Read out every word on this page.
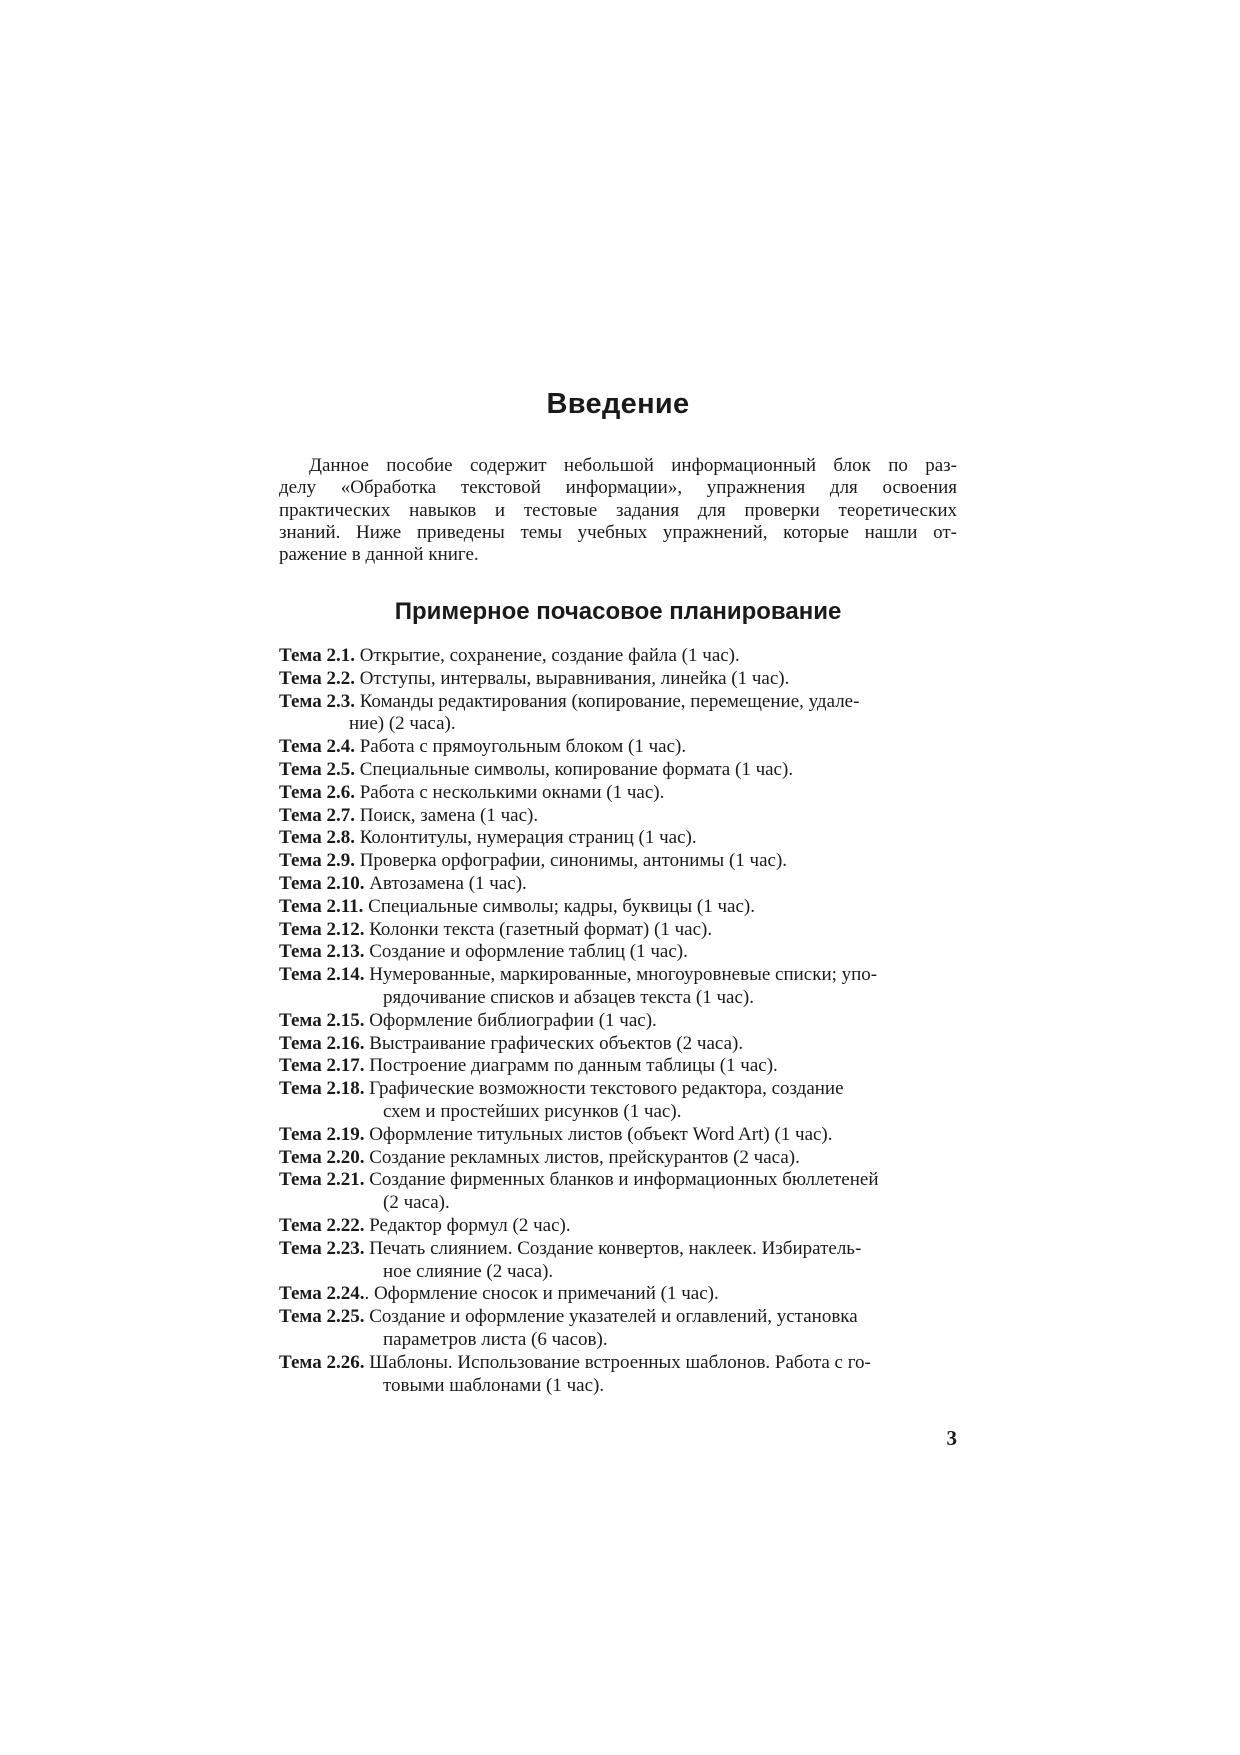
Введение
Данное пособие содержит небольшой информационный блок по раз-
делу «Обработка текстовой информации», упражнения для освоения
практических навыков и тестовые задания для проверки теоретических
знаний. Ниже приведены темы учебных упражнений, которые нашли от-
ражение в данной книге.
Примерное почасовое планирование
Тема 2.1. Открытие, сохранение, создание файла (1 час).
Тема 2.2. Отступы, интервалы, выравнивания, линейка (1 час).
Тема 2.3. Команды редактирования (копирование, перемещение, удале-
ние) (2 часа).
Тема 2.4. Работа с прямоугольным блоком (1 час).
Тема 2.5. Специальные символы, копирование формата (1 час).
Тема 2.6. Работа с несколькими окнами (1 час).
Тема 2.7. Поиск, замена (1 час).
Тема 2.8. Колонтитулы, нумерация страниц (1 час).
Тема 2.9. Проверка орфографии, синонимы, антонимы (1 час).
Тема 2.10. Автозамена (1 час).
Тема 2.11. Специальные символы; кадры, буквицы (1 час).
Тема 2.12. Колонки текста (газетный формат) (1 час).
Тема 2.13. Создание и оформление таблиц (1 час).
Тема 2.14. Нумерованные, маркированные, многоуровневые списки; упо-
рядочивание списков и абзацев текста (1 час).
Тема 2.15. Оформление библиографии (1 час).
Тема 2.16. Выстраивание графических объектов (2 часа).
Тема 2.17. Построение диаграмм по данным таблицы (1 час).
Тема 2.18. Графические возможности текстового редактора, создание
схем и простейших рисунков (1 час).
Тема 2.19. Оформление титульных листов (объект Word Art) (1 час).
Тема 2.20. Создание рекламных листов, прейскурантов (2 часа).
Тема 2.21. Создание фирменных бланков и информационных бюллетеней
(2 часа).
Тема 2.22. Редактор формул (2 час).
Тема 2.23. Печать слиянием. Создание конвертов, наклеек. Избиратель-
ное слияние (2 часа).
Тема 2.24.. Оформление сносок и примечаний (1 час).
Тема 2.25. Создание и оформление указателей и оглавлений, установка
параметров листа (6 часов).
Тема 2.26. Шаблоны. Использование встроенных шаблонов. Работа с го-
товыми шаблонами (1 час).
3
